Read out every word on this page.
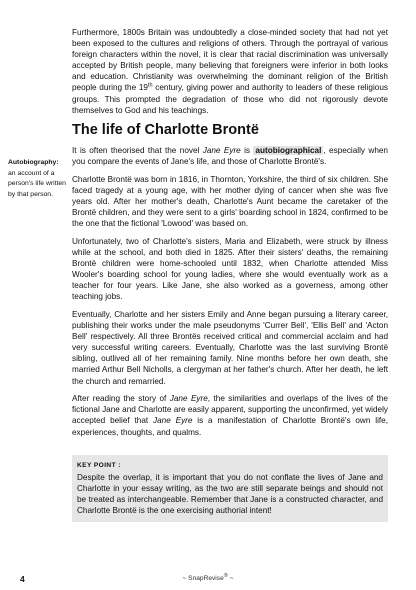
Furthermore, 1800s Britain was undoubtedly a close-minded society that had not yet been exposed to the cultures and religions of others. Through the portrayal of various foreign characters within the novel, it is clear that racial discrimination was universally accepted by British people, many believing that foreigners were inferior in both looks and education. Christianity was overwhelming the dominant religion of the British people during the 19th century, giving power and authority to leaders of these religious groups. This prompted the degradation of those who did not rigorously devote themselves to God and his teachings.

The life of Charlotte Brontë
Autobiography:
an account of a person's life written by that person.

It is often theorised that the novel Jane Eyre is autobiographical , especially when you compare the events of Jane's life, and those of Charlotte Brontë's.

Charlotte Brontë was born in 1816, in Thornton, Yorkshire, the third of six children. She faced tragedy at a young age, with her mother dying of cancer when she was five years old. After her mother's death, Charlotte's Aunt became the caretaker of the Brontë children, and they were sent to a girls' boarding school in 1824, confirmed to be the one that the fictional 'Lowood' was based on.

Unfortunately, two of Charlotte's sisters, Maria and Elizabeth, were struck by illness while at the school, and both died in 1825. After their sisters' deaths, the remaining Brontë children were home-schooled until 1832, when Charlotte attended Miss Wooler's boarding school for young ladies, where she would eventually work as a teacher for four years. Like Jane, she also worked as a governess, among other teaching jobs.

Eventually, Charlotte and her sisters Emily and Anne began pursuing a literary career, publishing their works under the male pseudonyms 'Currer Bell', 'Ellis Bell' and 'Acton Bell' respectively. All three Brontës received critical and commercial acclaim and had very successful writing careers. Eventually, Charlotte was the last surviving Brontë sibling, outlived all of her remaining family. Nine months before her own death, she married Arthur Bell Nicholls, a clergyman at her father's church. After her death, he left the church and remarried.

After reading the story of Jane Eyre, the similarities and overlaps of the lives of the fictional Jane and Charlotte are easily apparent, supporting the unconfirmed, yet widely accepted belief that Jane Eyre is a manifestation of Charlotte Brontë's own life, experiences, thoughts, and qualms.

KEY POINT :
Despite the overlap, it is important that you do not conflate the lives of Jane and Charlotte in your essay writing, as the two are still separate beings and should not be treated as interchangeable. Remember that Jane is a constructed character, and Charlotte Brontë is the one exercising authorial intent!
4	~ SnapRevise® ~
